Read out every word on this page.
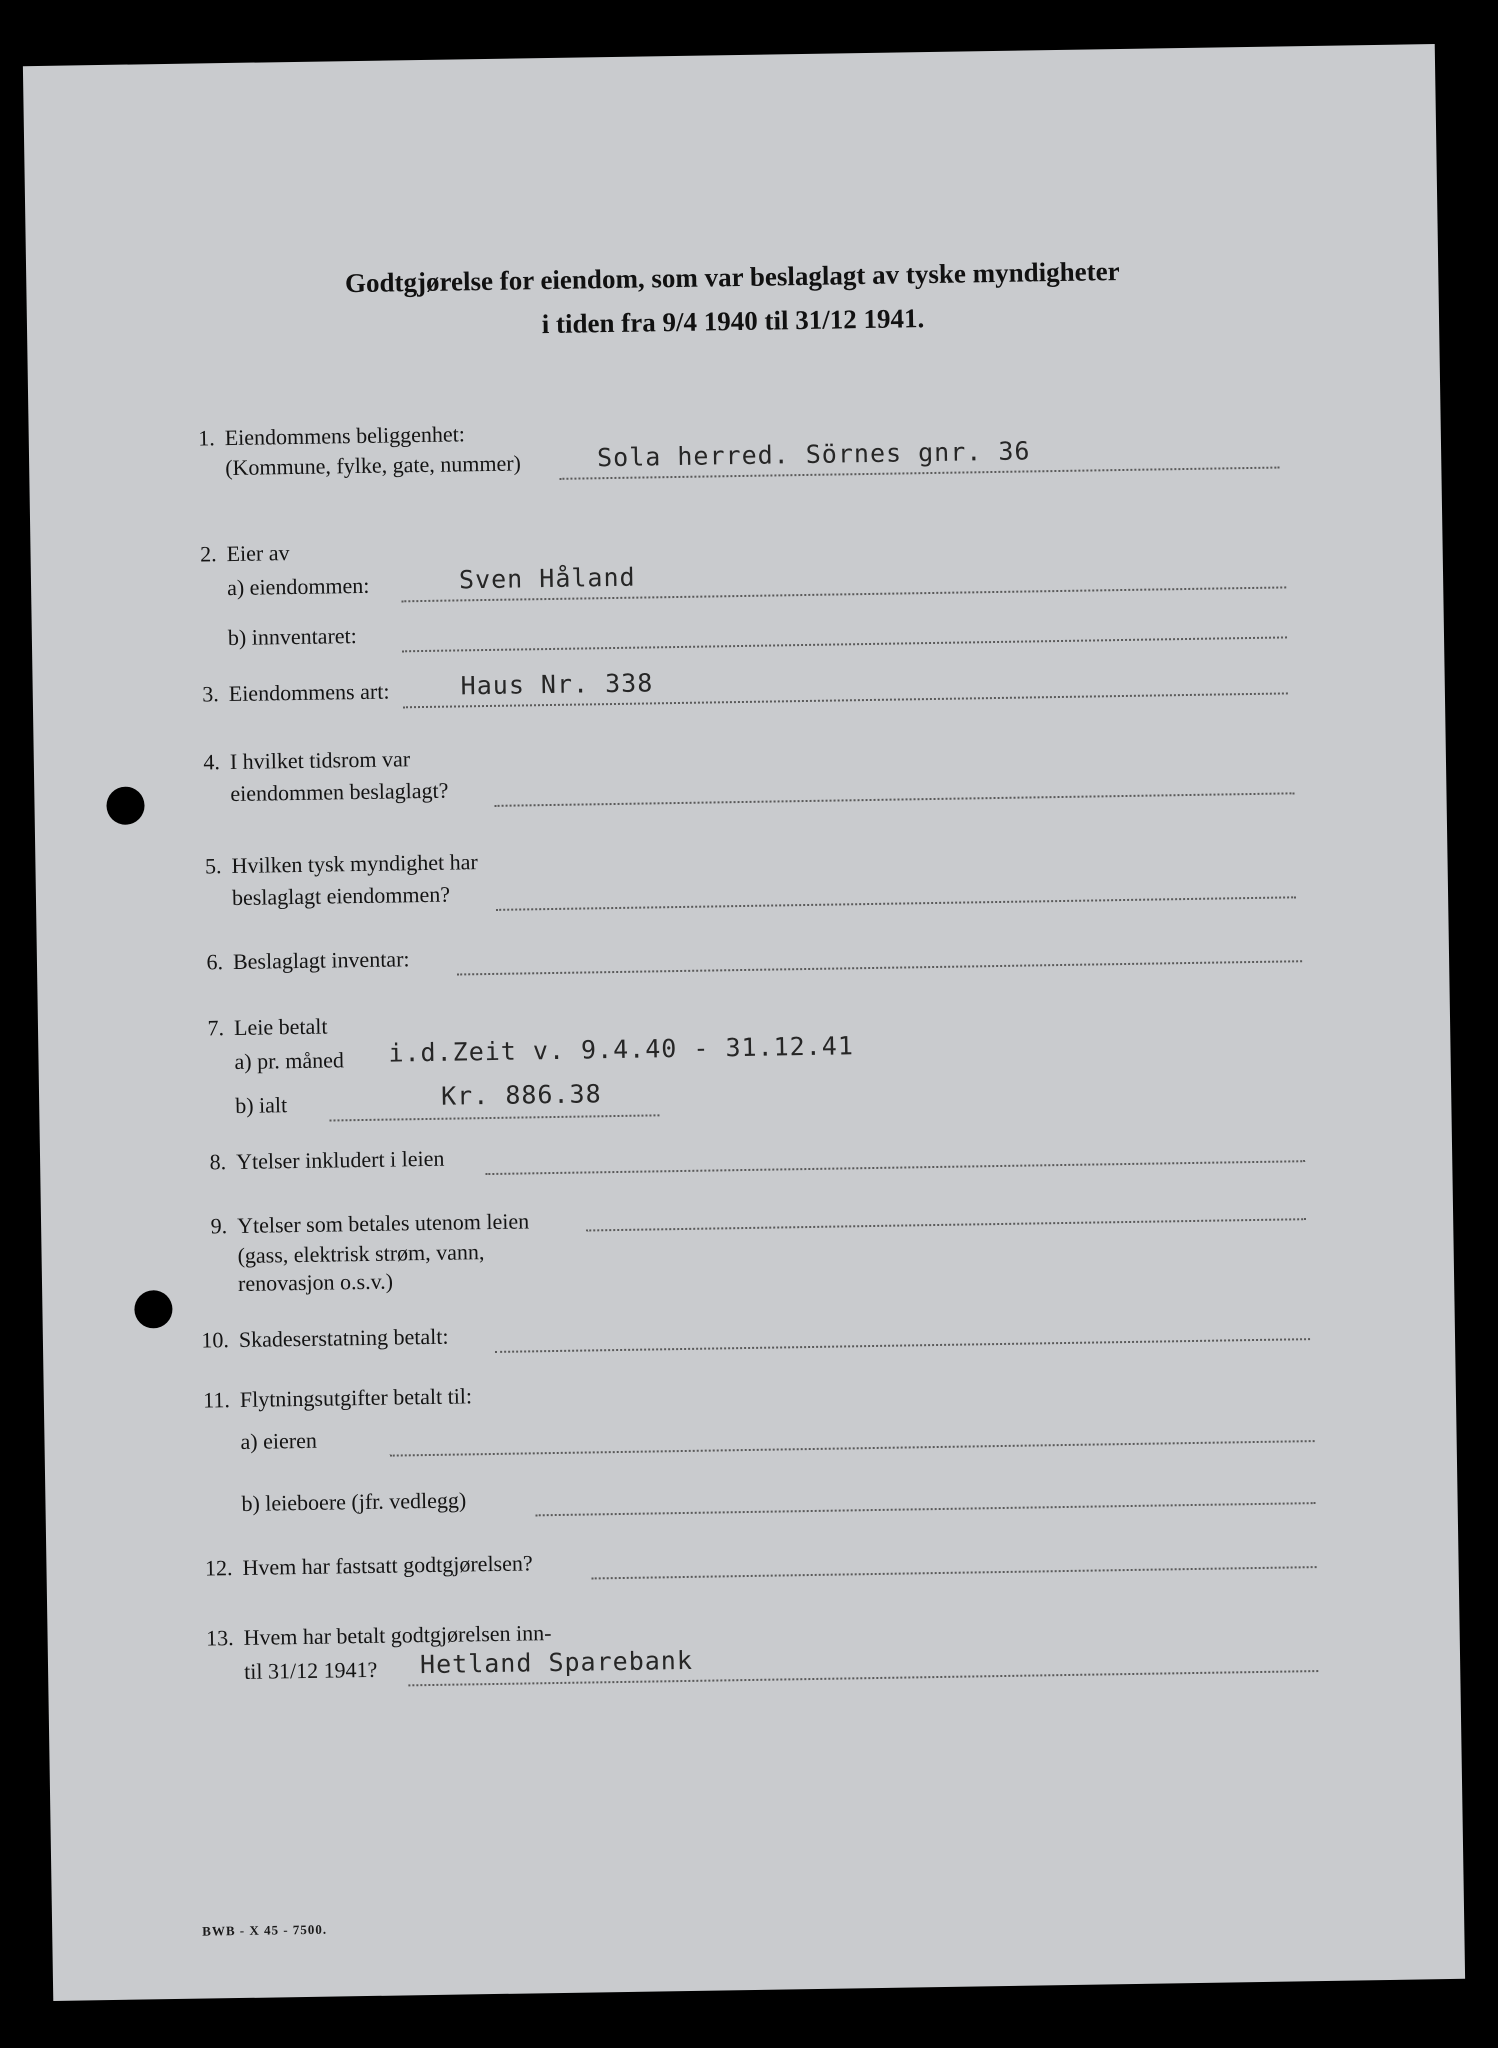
Godtgjørelse for eiendom, som var beslaglagt av tyske myndigheter
i tiden fra 9/4 1940 til 31/12 1941.
1. Eiendommens beliggenhet:
(Kommune, fylke, gate, nummer)	Sola herred. Sörnes gnr. 36
2. Eier av
a) eiendommen:	Sven Håland
b) innventaret:
3. Eiendommens art:	Haus Nr. 338
4. I hvilket tidsrom var
eiendommen beslaglagt?
5. Hvilken tysk myndighet har
beslaglagt eiendommen?
6. Beslaglagt inventar:
7. Leie betalt
a) pr. måned i.d.Zeit v. 9.4.40 - 31.12.41
b) ialt	Kr. 886.38
8. Ytelser inkludert i leien
9. Ytelser som betales utenom leien
(gass, elektrisk strøm, vann,
renovasjon o.s.v.)
10. Skadeserstatning betalt:
11. Flytningsutgifter betalt til:
a) eieren
b) leieboere (jfr. vedlegg)
12. Hvem har fastsatt godtgjørelsen?
13. Hvem har betalt godtgjørelsen inn-
til 31/12 1941? Hetland Sparebank
BWB - X 45 - 7500.
